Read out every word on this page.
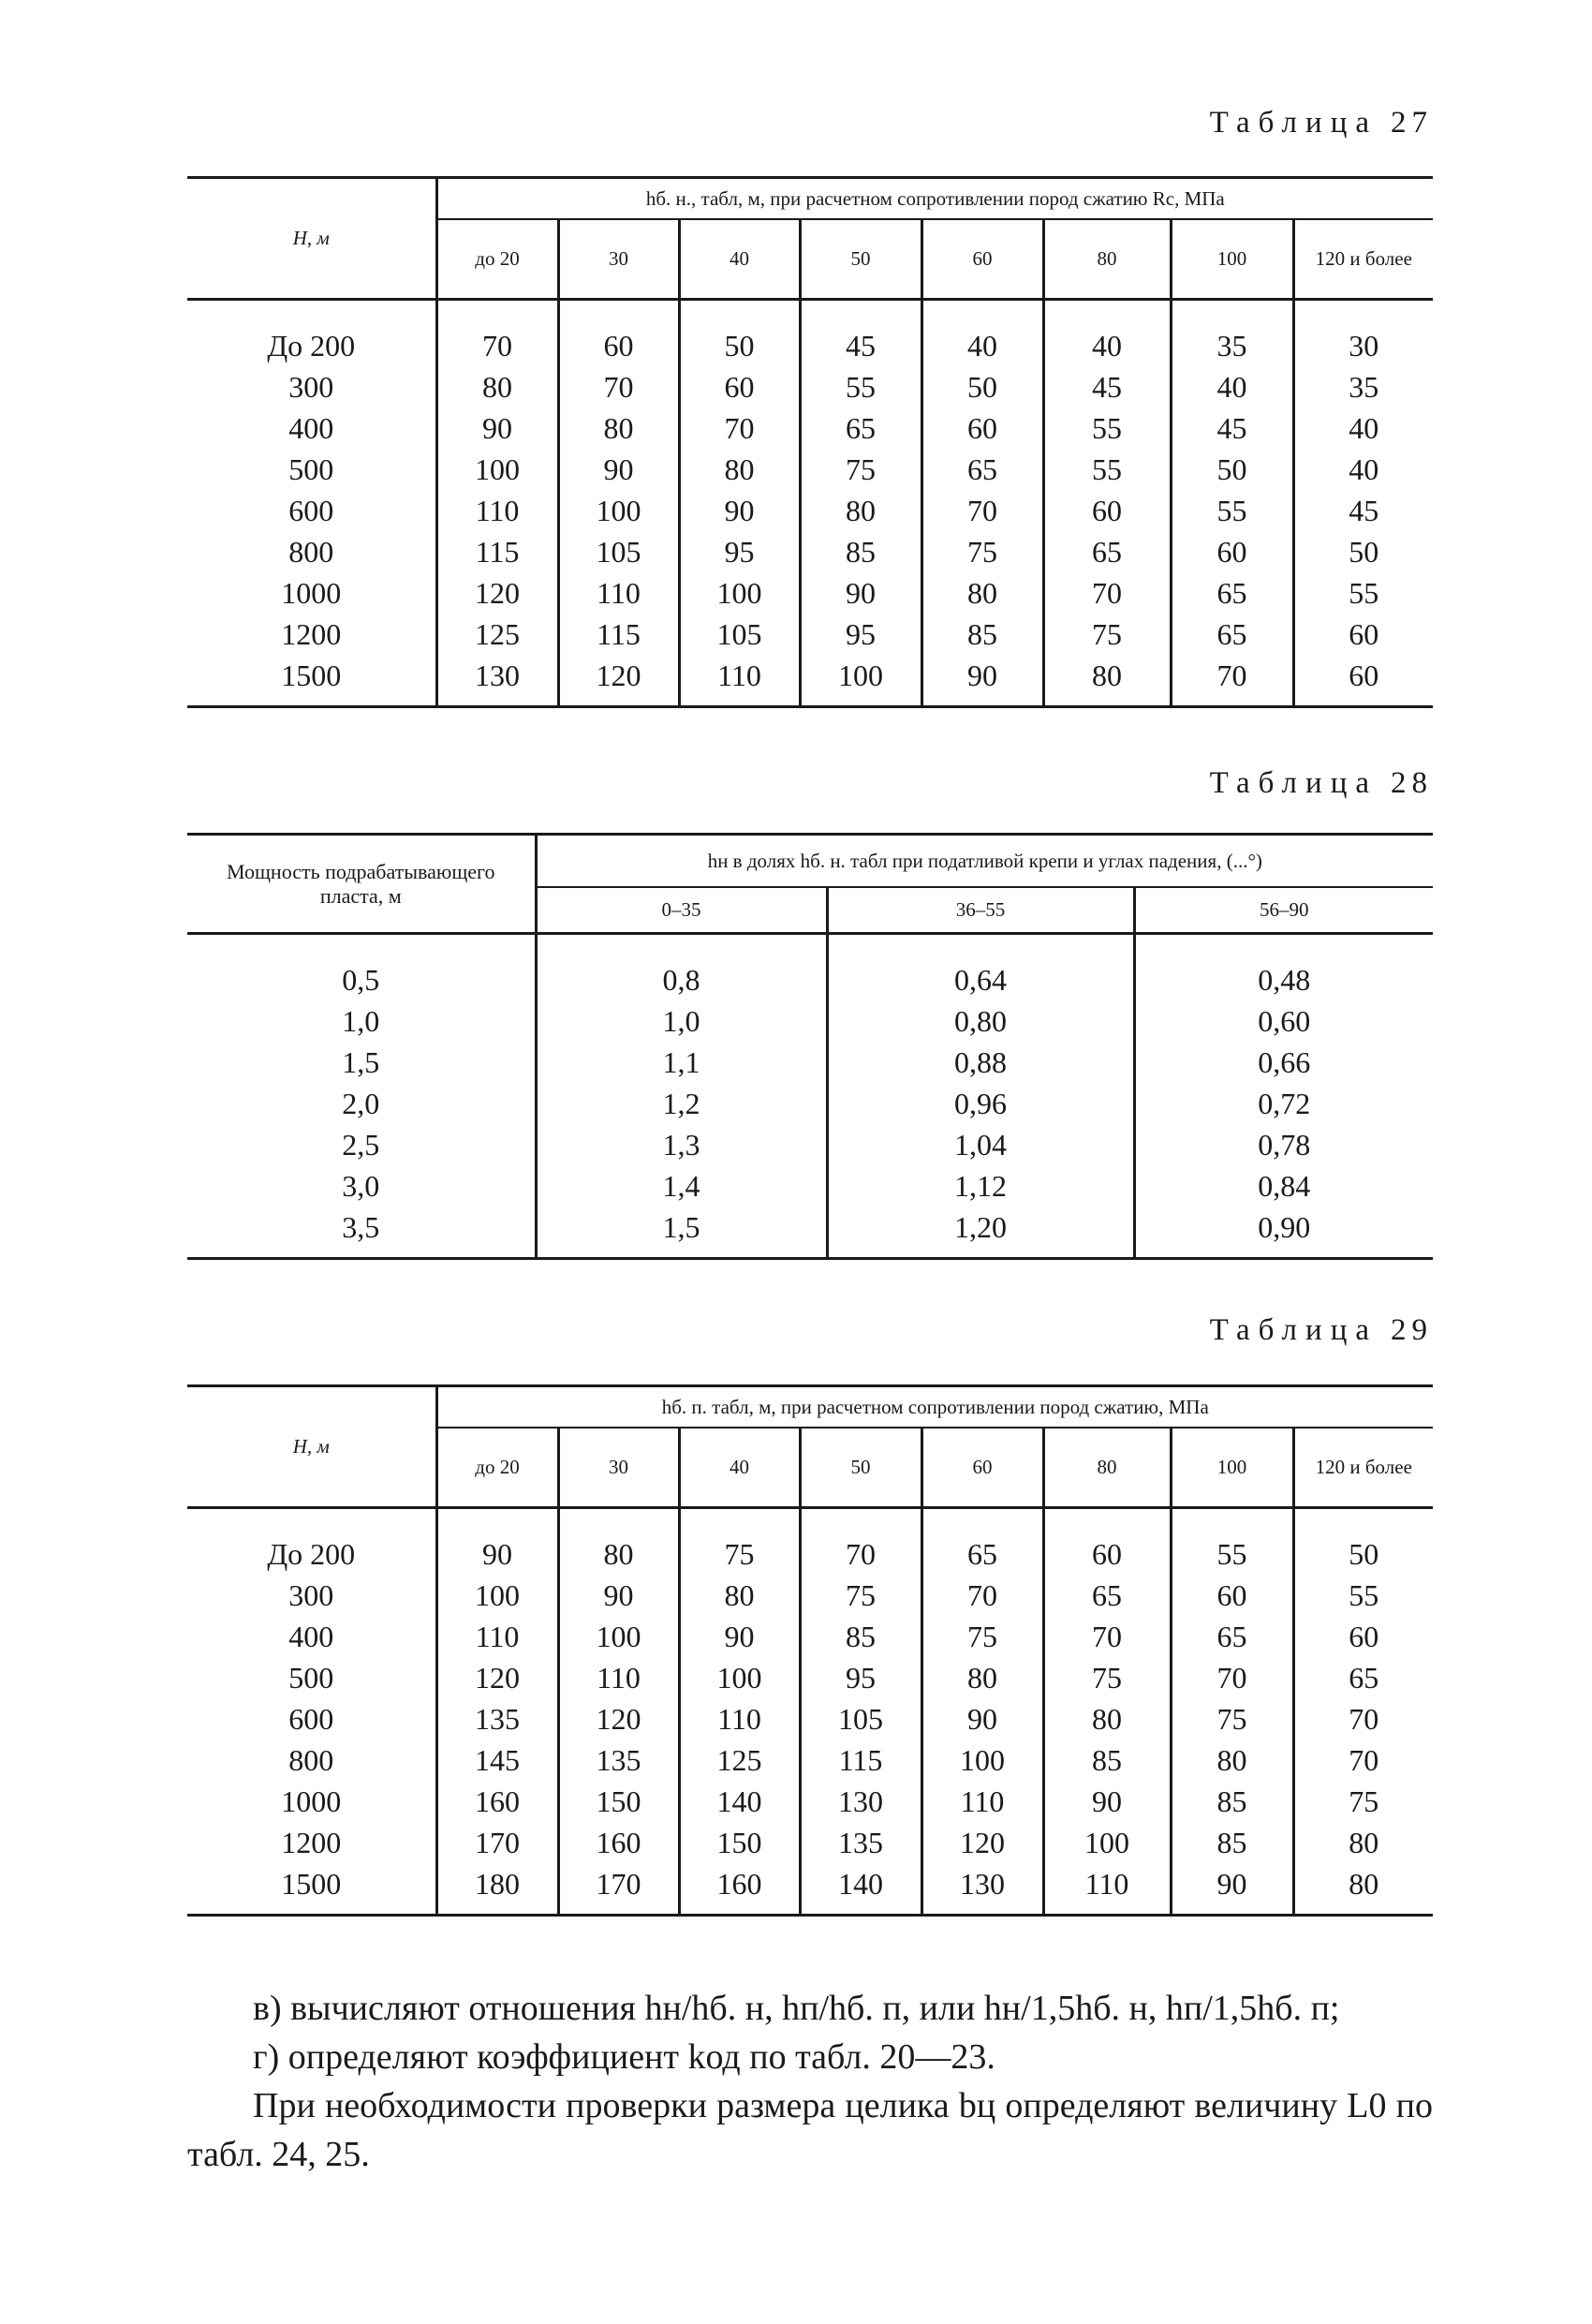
Таблица 27
H, м	hб. н., табл, м, при расчетном сопротивлении пород сжатию Rc, МПа							
	до 20	30	40	50	60	80	100	120 и более
До 200	70	60	50	45	40	40	35	30
300	80	70	60	55	50	45	40	35
400	90	80	70	65	60	55	45	40
500	100	90	80	75	65	55	50	40
600	110	100	90	80	70	60	55	45
800	115	105	95	85	75	65	60	50
1000	120	110	100	90	80	70	65	55
1200	125	115	105	95	85	75	65	60
1500	130	120	110	100	90	80	70	60
Таблица 28
Мощность подрабатывающего пласта, м	hн в долях hб. н. табл при податливой крепи и углах падения, (...°)		
	0–35	36–55	56–90
0,5	0,8	0,64	0,48
1,0	1,0	0,80	0,60
1,5	1,1	0,88	0,66
2,0	1,2	0,96	0,72
2,5	1,3	1,04	0,78
3,0	1,4	1,12	0,84
3,5	1,5	1,20	0,90
Таблица 29
H, м	hб. п. табл, м, при расчетном сопротивлении пород сжатию, МПа							
	до 20	30	40	50	60	80	100	120 и более
До 200	90	80	75	70	65	60	55	50
300	100	90	80	75	70	65	60	55
400	110	100	90	85	75	70	65	60
500	120	110	100	95	80	75	70	65
600	135	120	110	105	90	80	75	70
800	145	135	125	115	100	85	80	70
1000	160	150	140	130	110	90	85	75
1200	170	160	150	135	120	100	85	80
1500	180	170	160	140	130	110	90	80

в) вычисляют отношения hн/hб. н, hп/hб. п, или hн/1,5hб. н, hп/1,5hб. п;

г) определяют коэффициент kод по табл. 20—23.

При необходимости проверки размера целика bц определяют величину L0 по табл. 24, 25.
